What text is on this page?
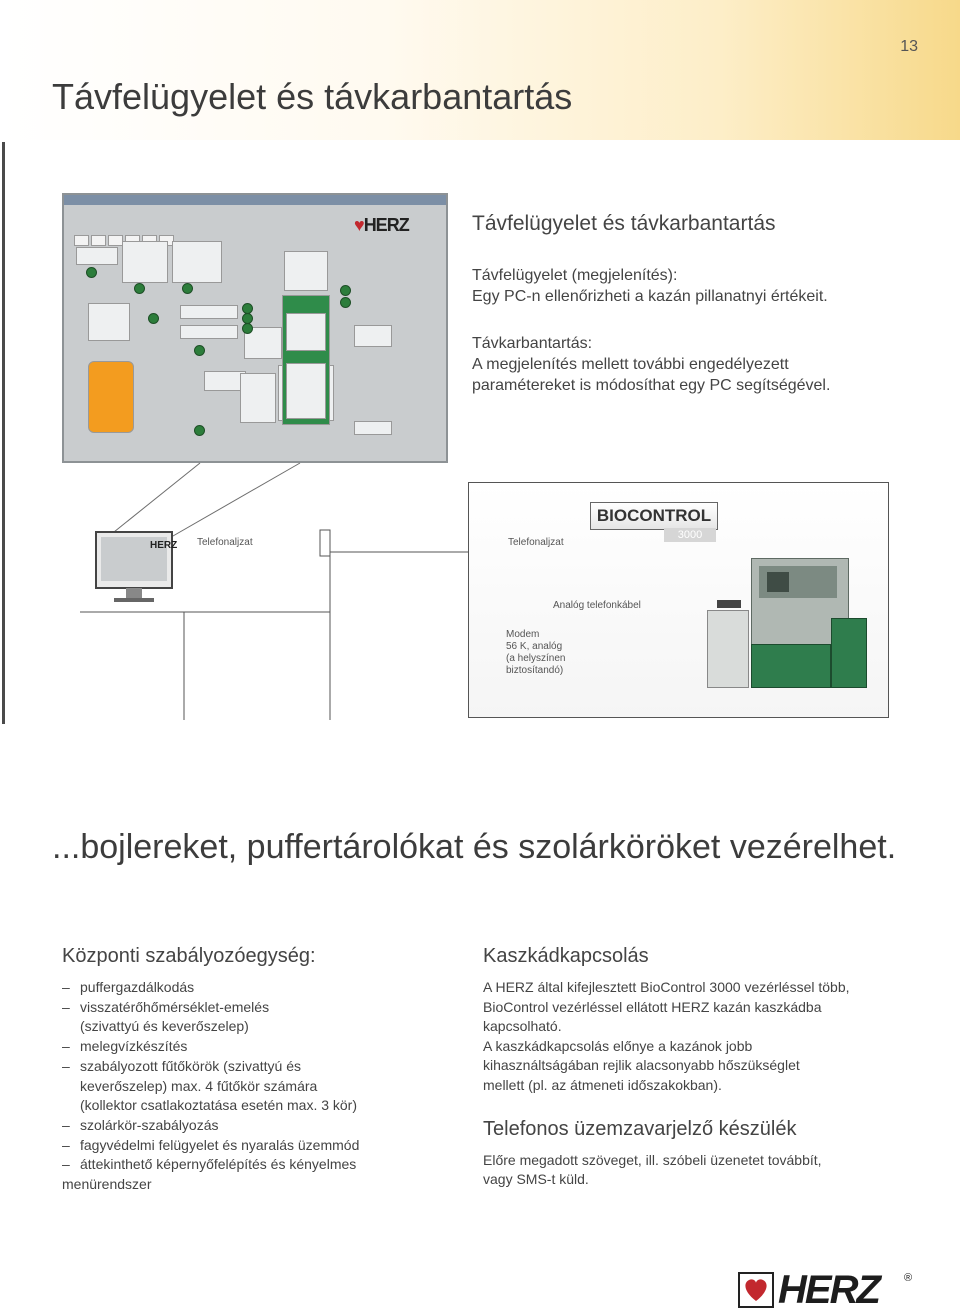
13
Távfelügyelet és távkarbantartás
♥HERZ	Távfelügyelet és távkarbantartás
Távfelügyelet (megjelenítés):
Egy PC-n ellenőrizheti a kazán pillanatnyi értékeit.
Távkarbantartás:
A megjelenítés mellett további engedélyezett
paramétereket is módosíthat egy PC segítségével.
HERZ Telefonaljzat	Telefonaljzat
Analóg telefonkábel
Modem
56 K, analóg
(a helyszínen
biztosítandó)
BIOCONTROL
3000
...bojlereket, puffertárolókat és szolárköröket vezérelhet.
Központi szabályozóegység:
– puffergazdálkodás
– visszatérőhőmérséklet-emelés
(szivattyú és keverőszelep)
– melegvízkészítés
– szabályozott fűtőkörök (szivattyú és
keverőszelep) max. 4 fűtőkör számára
(kollektor csatlakoztatása esetén max. 3 kör)
– szolárkör-szabályozás
– fagyvédelmi felügyelet és nyaralás üzemmód
– áttekinthető képernyőfelépítés és kényelmes
menürendszer
Kaszkádkapcsolás

A HERZ által kifejlesztett BioControl 3000 vezérléssel több,

BioControl vezérléssel ellátott HERZ kazán kaszkádba

kapcsolható.

A kaszkádkapcsolás előnye a kazánok jobb

kihasználtságában rejlik alacsonyabb hőszükséglet

mellett (pl. az átmeneti időszakokban).

Telefonos üzemzavarjelző készülék

Előre megadott szöveget, ill. szóbeli üzenetet továbbít,

vagy SMS-t küld.

HERZ ®
